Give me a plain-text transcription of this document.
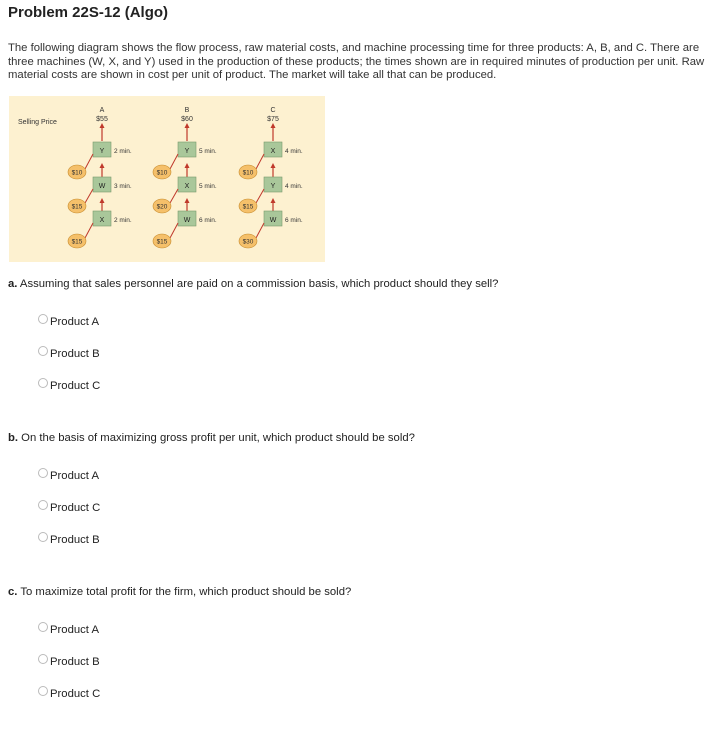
Problem 22S-12 (Algo)

The following diagram shows the flow process, raw material costs, and machine processing time for three products: A, B, and C. There are three machines (W, X, and Y) used in the production of these products; the times shown are in required minutes of production per unit. Raw material costs are shown in cost per unit of product. The market will take all that can be produced.

Selling Price
A
$55
Y 2 min.
W 3 min.
X 2 min.
$10
$15
$15
B
$60
Y 5 min.
X 5 min.
W 6 min.
$10
$20
$15
C
$75
X 4 min.
Y 4 min.
W 6 min.
$10
$15
$30
a. Assuming that sales personnel are paid on a commission basis, which product should they sell?
Product A
Product B
Product C
b. On the basis of maximizing gross profit per unit, which product should be sold?
Product A
Product C
Product B
c. To maximize total profit for the firm, which product should be sold?
Product A
Product B
Product C
